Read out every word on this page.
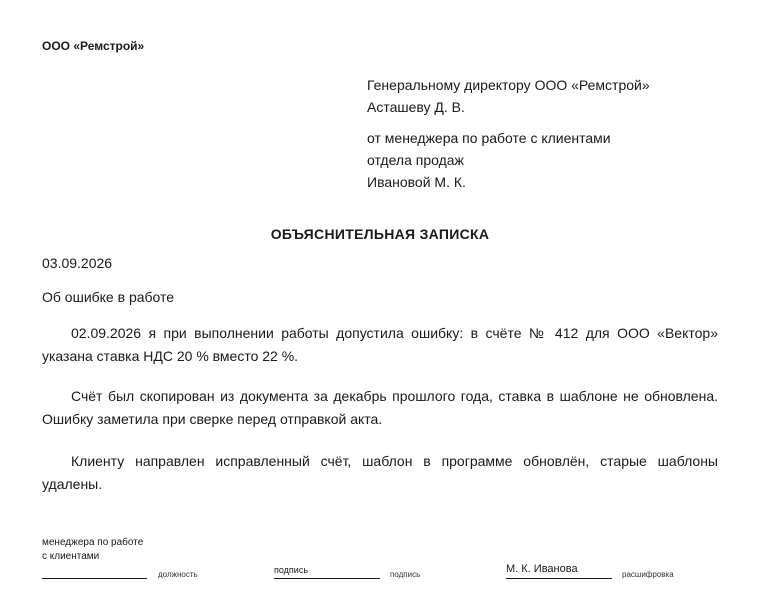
ООО «Ремстрой»
Генеральному директору ООО «Ремстрой»
Асташеву Д. В.
от менеджера по работе с клиентами
отдела продаж
Ивановой М. К.
ОБЪЯСНИТЕЛЬНАЯ ЗАПИСКА
03.09.2026
Об ошибке в работе
02.09.2026 я при выполнении работы допустила ошибку: в счёте № 412 для ООО «Вектор» указана ставка НДС 20 % вместо 22 %.
Счёт был скопирован из документа за декабрь прошлого года, ставка в шаблоне не обновлена. Ошибку заметила при сверке перед отправкой акта.
Клиенту направлен исправленный счёт, шаблон в программе обновлён, старые шаблоны удалены.
менеджера по работе с клиентами
должность	подпись	подпись	М. К. Иванова	расшифровка
